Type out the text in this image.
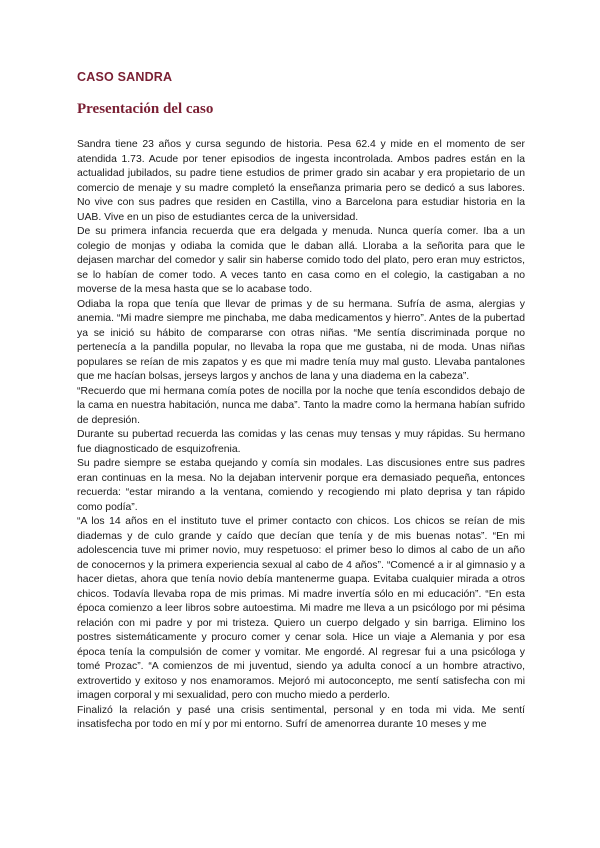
CASO SANDRA
Presentación del caso

Sandra tiene 23 años y cursa segundo de historia. Pesa 62.4 y mide en el momento de ser atendida 1.73. Acude por tener episodios de ingesta incontrolada. Ambos padres están en la actualidad jubilados, su padre tiene estudios de primer grado sin acabar y era propietario de un comercio de menaje y su madre completó la enseñanza primaria pero se dedicó a sus labores. No vive con sus padres que residen en Castilla, vino a Barcelona para estudiar historia en la UAB. Vive en un piso de estudiantes cerca de la universidad.

De su primera infancia recuerda que era delgada y menuda. Nunca quería comer. Iba a un colegio de monjas y odiaba la comida que le daban allá. Lloraba a la señorita para que le dejasen marchar del comedor y salir sin haberse comido todo del plato, pero eran muy estrictos, se lo habían de comer todo. A veces tanto en casa como en el colegio, la castigaban a no moverse de la mesa hasta que se lo acabase todo.

Odiaba la ropa que tenía que llevar de primas y de su hermana. Sufría de asma, alergias y anemia. “Mi madre siempre me pinchaba, me daba medicamentos y hierro”. Antes de la pubertad ya se inició su hábito de compararse con otras niñas. “Me sentía discriminada porque no pertenecía a la pandilla popular, no llevaba la ropa que me gustaba, ni de moda. Unas niñas populares se reían de mis zapatos y es que mi madre tenía muy mal gusto. Llevaba pantalones que me hacían bolsas, jerseys largos y anchos de lana y una diadema en la cabeza”.

“Recuerdo que mi hermana comía potes de nocilla por la noche que tenía escondidos debajo de la cama en nuestra habitación, nunca me daba”. Tanto la madre como la hermana habían sufrido de depresión.

Durante su pubertad recuerda las comidas y las cenas muy tensas y muy rápidas. Su hermano fue diagnosticado de esquizofrenia.

Su padre siempre se estaba quejando y comía sin modales. Las discusiones entre sus padres eran continuas en la mesa. No la dejaban intervenir porque era demasiado pequeña, entonces recuerda: “estar mirando a la ventana, comiendo y recogiendo mi plato deprisa y tan rápido como podía”.

“A los 14 años en el instituto tuve el primer contacto con chicos. Los chicos se reían de mis diademas y de culo grande y caído que decían que tenía y de mis buenas notas”. “En mi adolescencia tuve mi primer novio, muy respetuoso: el primer beso lo dimos al cabo de un año de conocernos y la primera experiencia sexual al cabo de 4 años”. “Comencé a ir al gimnasio y a hacer dietas, ahora que tenía novio debía mantenerme guapa. Evitaba cualquier mirada a otros chicos. Todavía llevaba ropa de mis primas. Mi madre invertía sólo en mi educación”. “En esta época comienzo a leer libros sobre autoestima. Mi madre me lleva a un psicólogo por mi pésima relación con mi padre y por mi tristeza. Quiero un cuerpo delgado y sin barriga. Elimino los postres sistemáticamente y procuro comer y cenar sola. Hice un viaje a Alemania y por esa época tenía la compulsión de comer y vomitar. Me engordé. Al regresar fui a una psicóloga y tomé Prozac”. “A comienzos de mi juventud, siendo ya adulta conocí a un hombre atractivo, extrovertido y exitoso y nos enamoramos. Mejoró mi autoconcepto, me sentí satisfecha con mi imagen corporal y mi sexualidad, pero con mucho miedo a perderlo.

Finalizó la relación y pasé una crisis sentimental, personal y en toda mi vida. Me sentí insatisfecha por todo en mí y por mi entorno. Sufrí de amenorrea durante 10 meses y me
